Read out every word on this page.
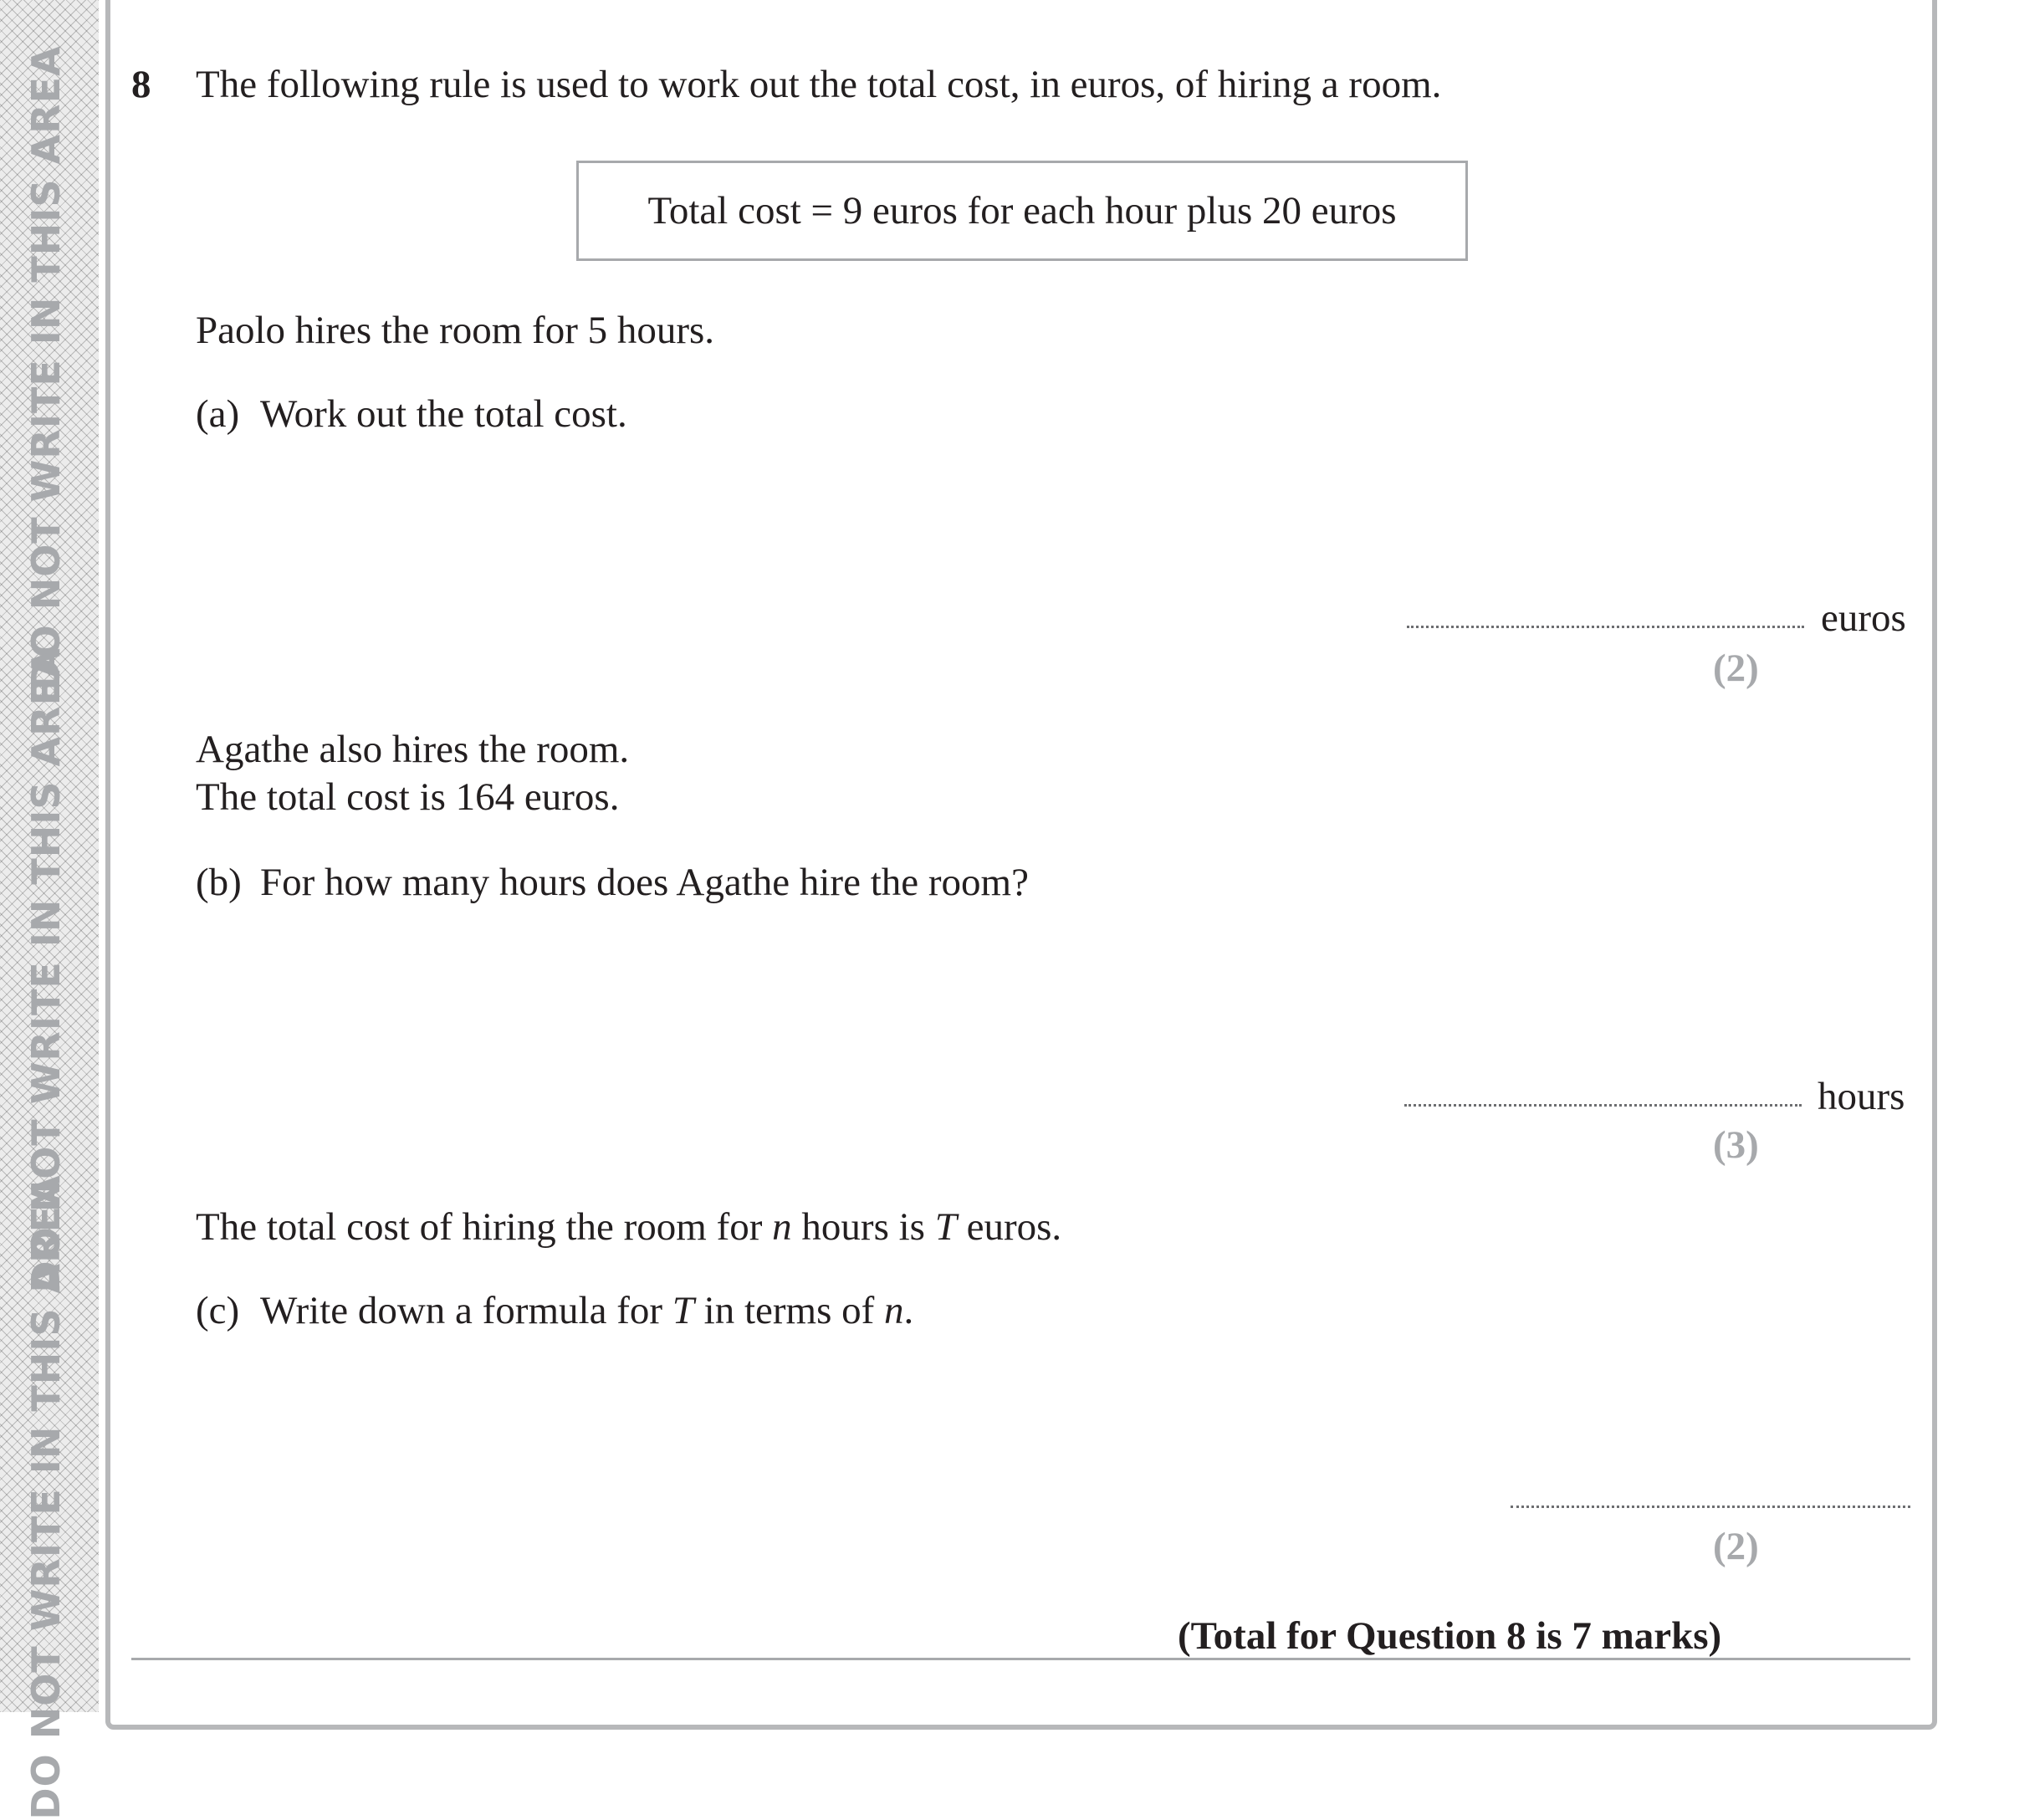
DO NOT WRITE IN THIS AREA
DO NOT WRITE IN THIS AREA
DO NOT WRITE IN THIS AREA
8 The following rule is used to work out the total cost, in euros, of hiring a room.
Total cost = 9 euros for each hour plus 20 euros
Paolo hires the room for 5 hours.
(a) Work out the total cost.
euros
(2)
Agathe also hires the room.
The total cost is 164 euros.
(b) For how many hours does Agathe hire the room?
hours
(3)
The total cost of hiring the room for n hours is T euros.
(c) Write down a formula for T in terms of n.
(2)
(Total for Question 8 is 7 marks)
